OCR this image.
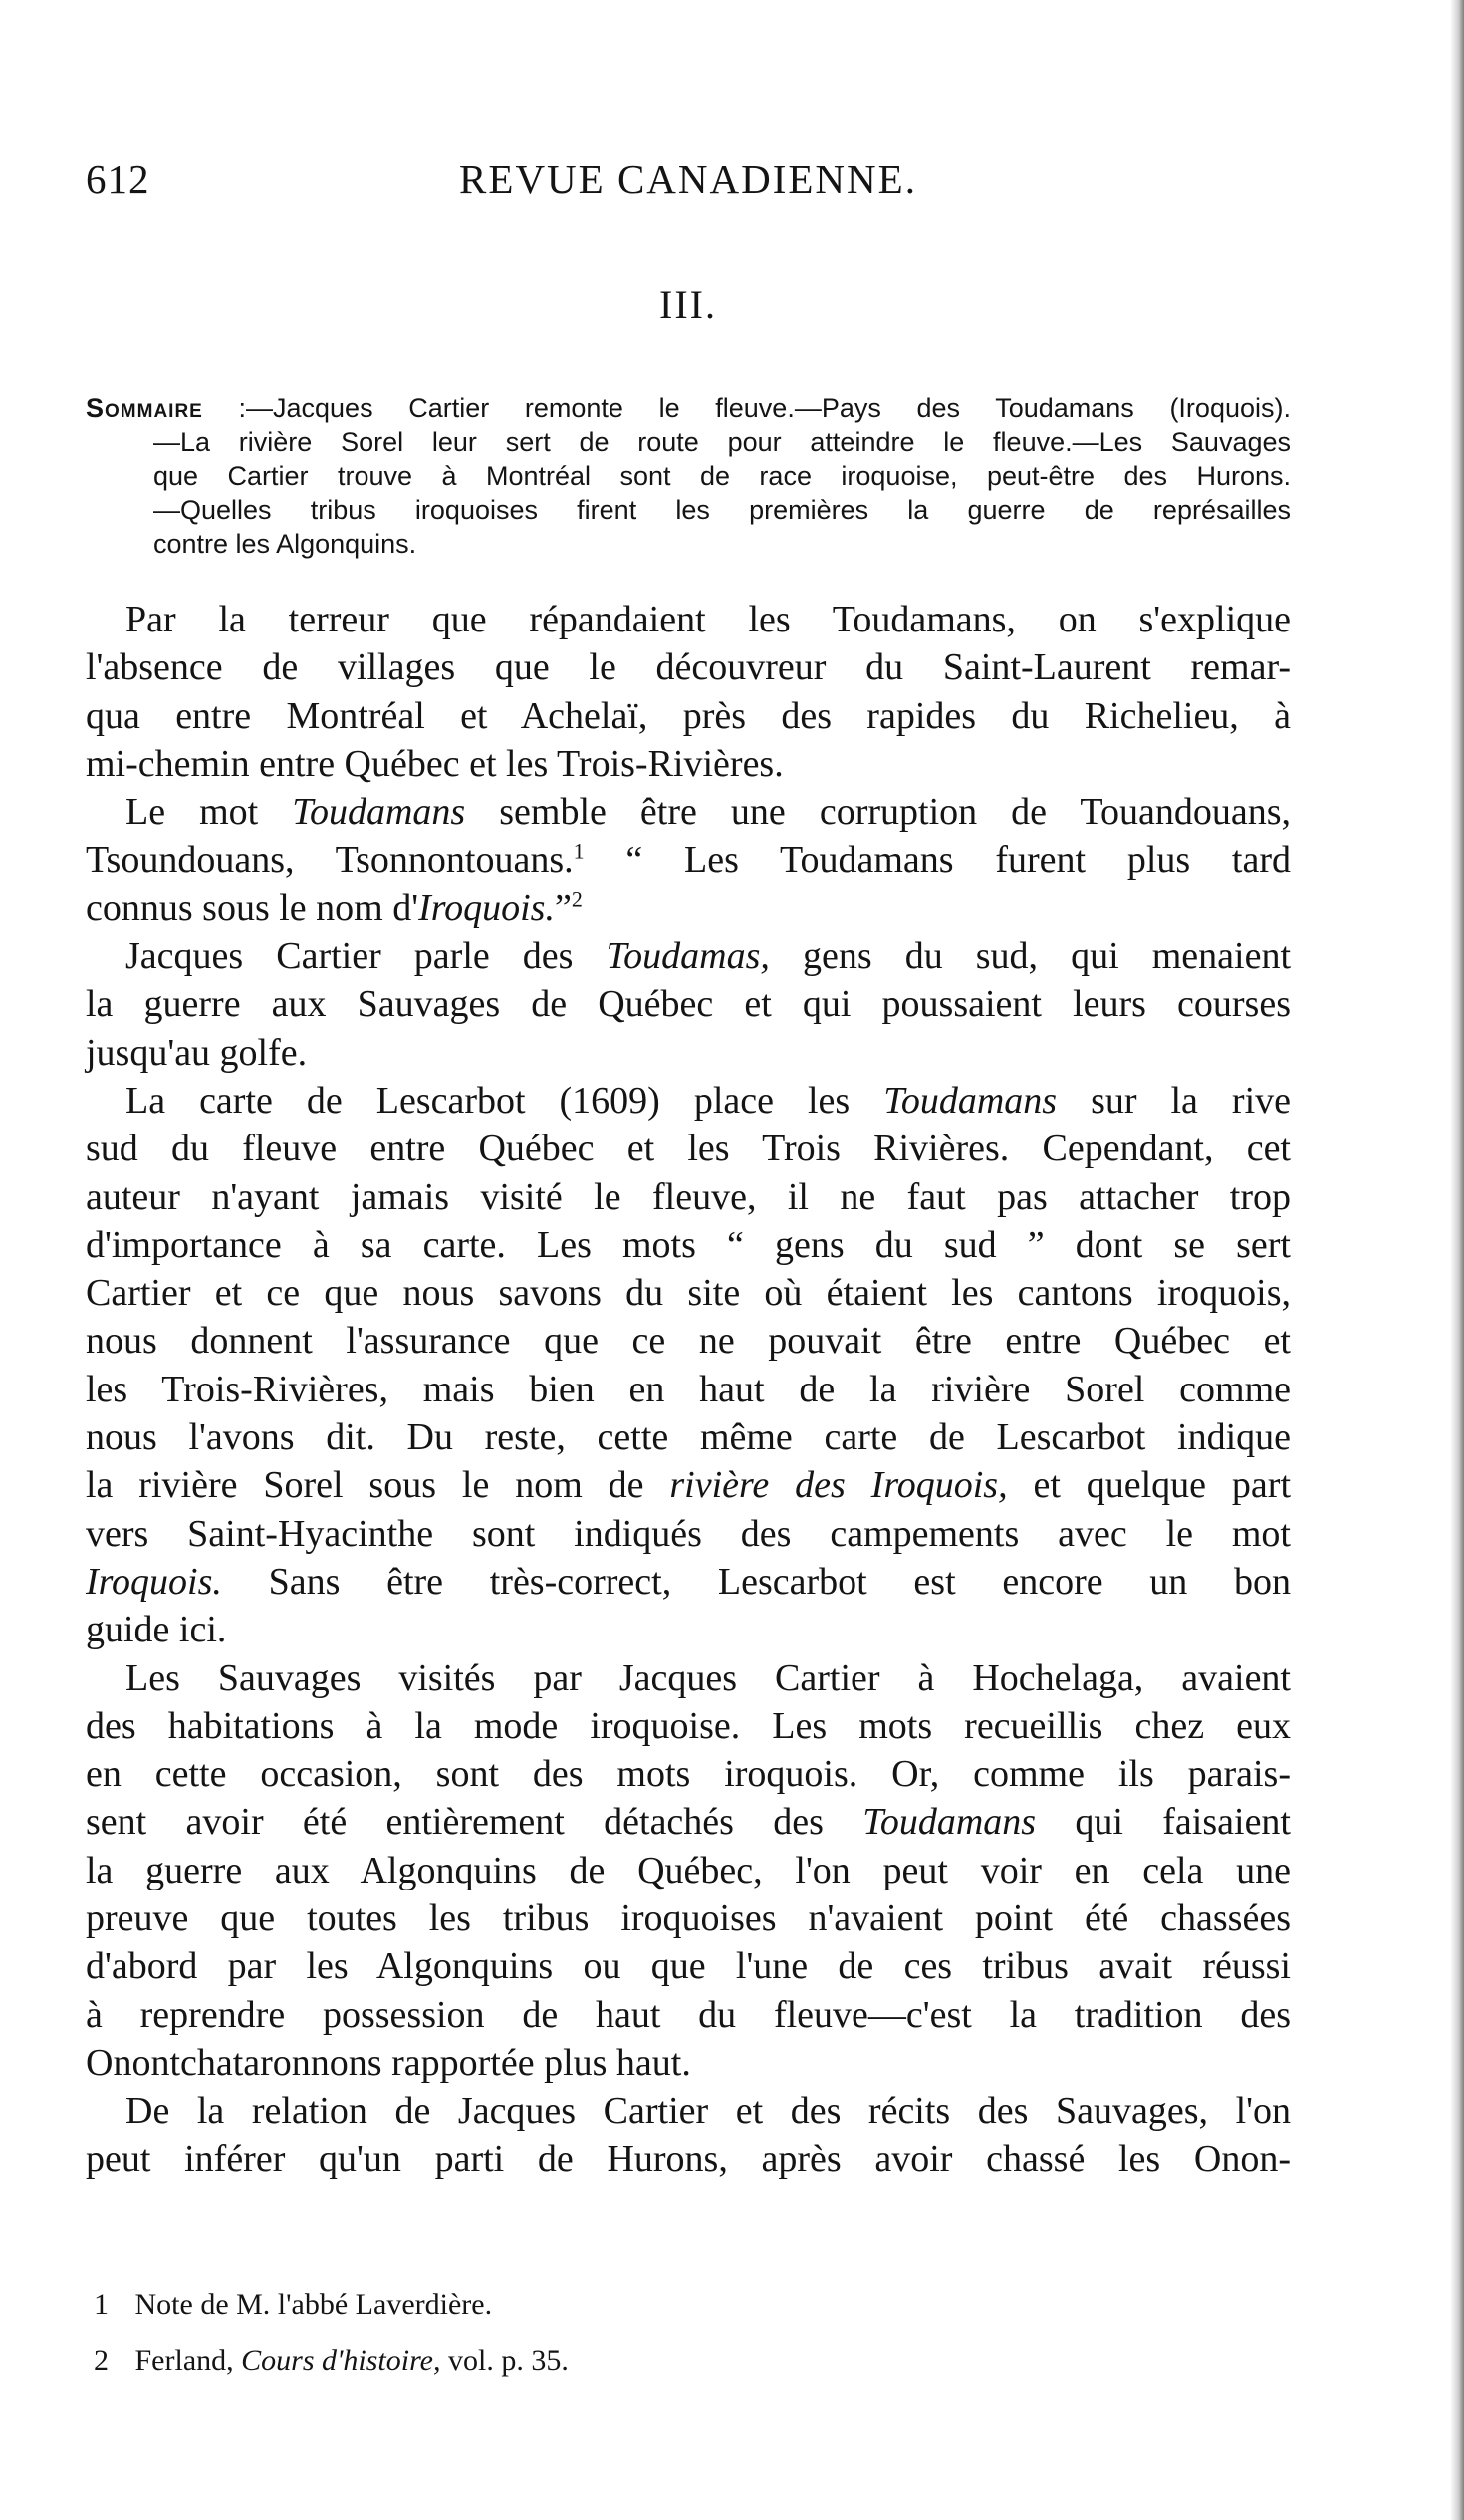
612	REVUE CANADIENNE.
III.
Sommaire :—Jacques Cartier remonte le fleuve.—Pays des Toudamans (Iroquois).
—La rivière Sorel leur sert de route pour atteindre le fleuve.—Les Sauvages
que Cartier trouve à Montréal sont de race iroquoise, peut-être des Hurons.
—Quelles tribus iroquoises firent les premières la guerre de représailles
contre les Algonquins.
Par la terreur que répandaient les Toudamans, on s'explique
l'absence de villages que le découvreur du Saint-Laurent remar-
qua entre Montréal et Achelaï, près des rapides du Richelieu, à
mi-chemin entre Québec et les Trois-Rivières.
Le mot Toudamans semble être une corruption de Touandouans,
Tsoundouans, Tsonnontouans.$^1$ “ Les Toudamans furent plus tard
connus sous le nom d'Iroquois.”$^2$
Jacques Cartier parle des Toudamas, gens du sud, qui menaient
la guerre aux Sauvages de Québec et qui poussaient leurs courses
jusqu'au golfe.
La carte de Lescarbot (1609) place les Toudamans sur la rive
sud du fleuve entre Québec et les Trois Rivières. Cependant, cet
auteur n'ayant jamais visité le fleuve, il ne faut pas attacher trop
d'importance à sa carte. Les mots “ gens du sud ” dont se sert
Cartier et ce que nous savons du site où étaient les cantons iroquois,
nous donnent l'assurance que ce ne pouvait être entre Québec et
les Trois-Rivières, mais bien en haut de la rivière Sorel comme
nous l'avons dit. Du reste, cette même carte de Lescarbot indique
la rivière Sorel sous le nom de rivière des Iroquois, et quelque part
vers Saint-Hyacinthe sont indiqués des campements avec le mot
Iroquois. Sans être très-correct, Lescarbot est encore un bon
guide ici.
Les Sauvages visités par Jacques Cartier à Hochelaga, avaient
des habitations à la mode iroquoise. Les mots recueillis chez eux
en cette occasion, sont des mots iroquois. Or, comme ils parais-
sent avoir été entièrement détachés des Toudamans qui faisaient
la guerre aux Algonquins de Québec, l'on peut voir en cela une
preuve que toutes les tribus iroquoises n'avaient point été chassées
d'abord par les Algonquins ou que l'une de ces tribus avait réussi
à reprendre possession de haut du fleuve—c'est la tradition des
Onontchataronnons rapportée plus haut.
De la relation de Jacques Cartier et des récits des Sauvages, l'on
peut inférer qu'un parti de Hurons, après avoir chassé les Onon-
1 Note de M. l'abbé Laverdière.
2 Ferland, Cours d'histoire, vol. p. 35.
